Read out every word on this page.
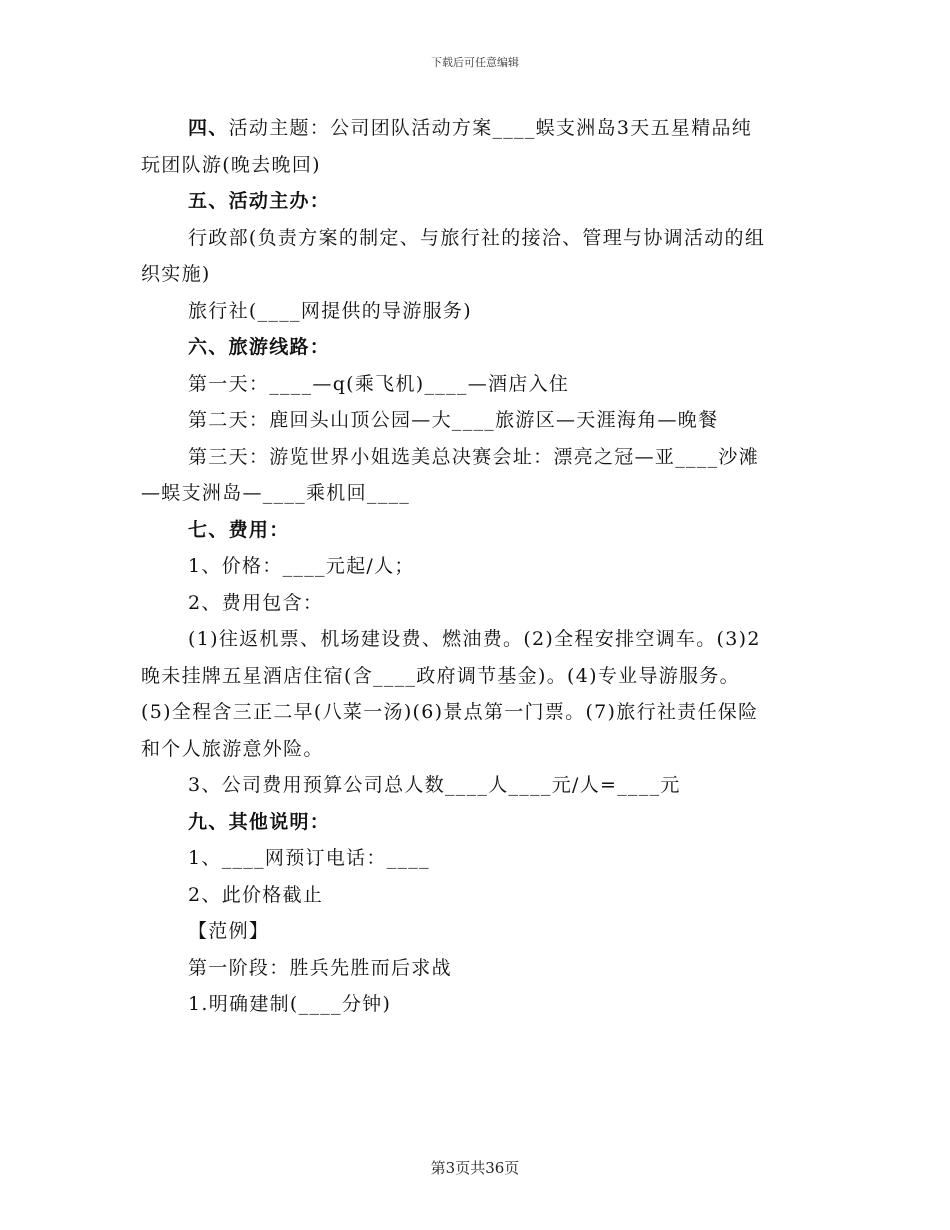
下载后可任意编辑
四、活动主题：公司团队活动方案____蜈支洲岛3天五星精品纯
玩团队游(晚去晚回)
五、活动主办：
行政部(负责方案的制定、与旅行社的接洽、管理与协调活动的组
织实施)
旅行社(____网提供的导游服务)
六、旅游线路：
第一天：____—q(乘飞机)____—酒店入住
第二天：鹿回头山顶公园—大____旅游区—天涯海角—晚餐
第三天：游览世界小姐选美总决赛会址：漂亮之冠—亚____沙滩
—蜈支洲岛—____乘机回____
七、费用：
1、价格：____元起/人；
2、费用包含：
(1)往返机票、机场建设费、燃油费。(2)全程安排空调车。(3)2
晚未挂牌五星酒店住宿(含____政府调节基金)。(4)专业导游服务。
(5)全程含三正二早(八菜一汤)(6)景点第一门票。(7)旅行社责任保险
和个人旅游意外险。
3、公司费用预算公司总人数____人____元/人=____元
九、其他说明：
1、____网预订电话：____
2、此价格截止
【范例】
第一阶段：胜兵先胜而后求战
1.明确建制(____分钟)
第3页共36页
